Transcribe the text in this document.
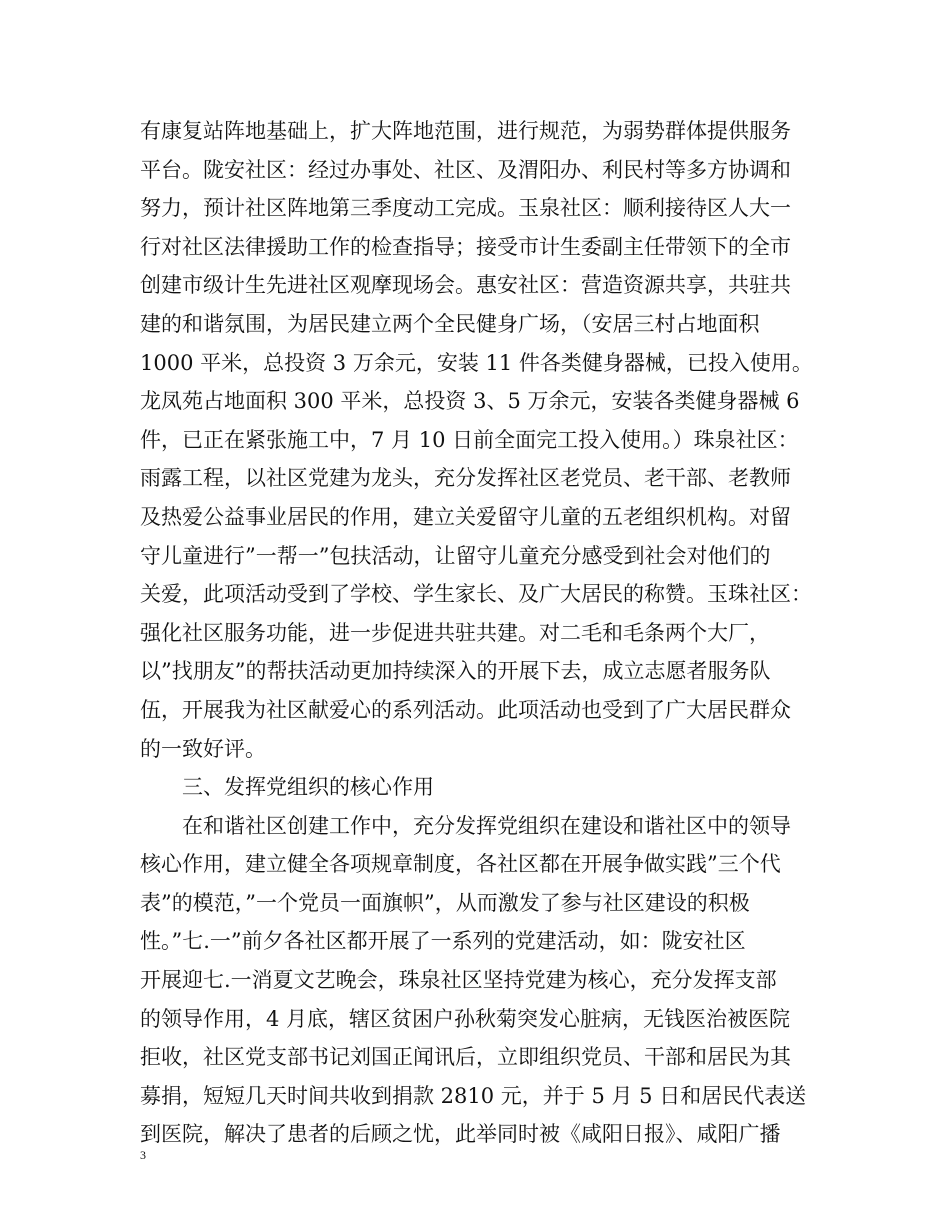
有康复站阵地基础上，扩大阵地范围，进行规范，为弱势群体提供服务
平台。陇安社区：经过办事处、社区、及渭阳办、利民村等多方协调和
努力，预计社区阵地第三季度动工完成。玉泉社区：顺利接待区人大一
行对社区法律援助工作的检查指导；接受市计生委副主任带领下的全市
创建市级计生先进社区观摩现场会。惠安社区：营造资源共享，共驻共
建的和谐氛围，为居民建立两个全民健身广场，（安居三村占地面积
1000 平米，总投资 3 万余元，安装 11 件各类健身器械，已投入使用。
龙凤苑占地面积 300 平米，总投资 3、5 万余元，安装各类健身器械 6
件，已正在紧张施工中，7 月 10 日前全面完工投入使用。）珠泉社区：
雨露工程，以社区党建为龙头，充分发挥社区老党员、老干部、老教师
及热爱公益事业居民的作用，建立关爱留守儿童的五老组织机构。对留
守儿童进行”一帮一”包扶活动，让留守儿童充分感受到社会对他们的
关爱，此项活动受到了学校、学生家长、及广大居民的称赞。玉珠社区：
强化社区服务功能，进一步促进共驻共建。对二毛和毛条两个大厂，
以”找朋友”的帮扶活动更加持续深入的开展下去，成立志愿者服务队
伍，开展我为社区献爱心的系列活动。此项活动也受到了广大居民群众
的一致好评。
三、发挥党组织的核心作用
在和谐社区创建工作中，充分发挥党组织在建设和谐社区中的领导
核心作用，建立健全各项规章制度，各社区都在开展争做实践”三个代
表”的模范，”一个党员一面旗帜”，从而激发了参与社区建设的积极
性。”七.一”前夕各社区都开展了一系列的党建活动，如：陇安社区
开展迎七.一消夏文艺晚会，珠泉社区坚持党建为核心，充分发挥支部
的领导作用，4 月底，辖区贫困户孙秋菊突发心脏病，无钱医治被医院
拒收，社区党支部书记刘国正闻讯后，立即组织党员、干部和居民为其
募捐，短短几天时间共收到捐款 2810 元，并于 5 月 5 日和居民代表送
到医院，解决了患者的后顾之忧，此举同时被《咸阳日报》、咸阳广播
3
